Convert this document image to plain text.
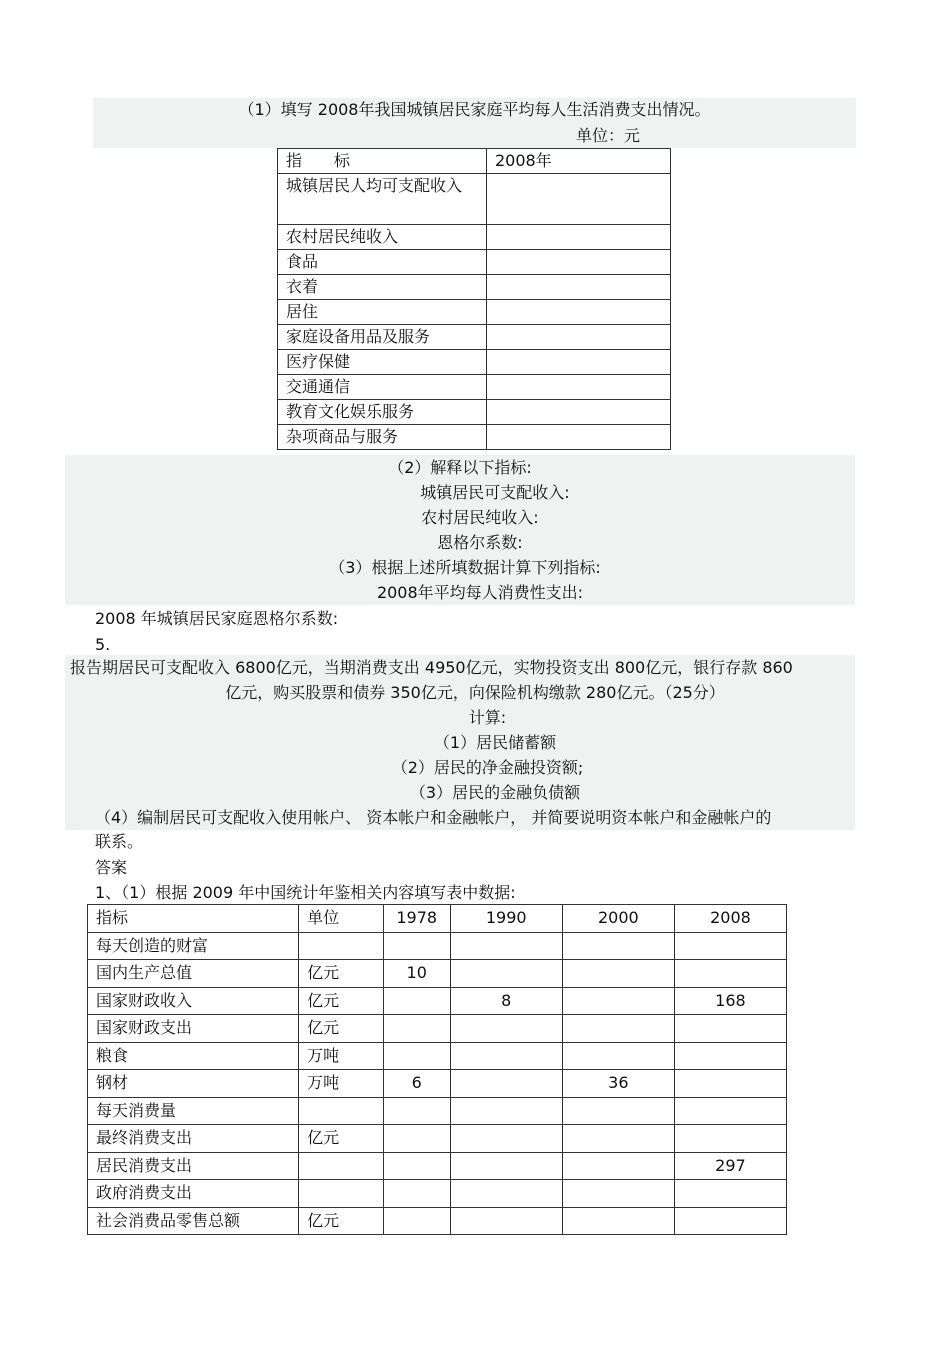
（1）填写 2008年我国城镇居民家庭平均每人生活消费支出情况。
单位：元
指　　标	2008年
城镇居民人均可支配收入	
农村居民纯收入	
食品	
衣着	
居住	
家庭设备用品及服务	
医疗保健	
交通通信	
教育文化娱乐服务	
杂项商品与服务	
（2）解释以下指标:
城镇居民可支配收入:
农村居民纯收入:
恩格尔系数:
（3）根据上述所填数据计算下列指标:
2008年平均每人消费性支出:
2008 年城镇居民家庭恩格尔系数:
5.
报告期居民可支配收入 6800亿元，当期消费支出 4950亿元，实物投资支出 800亿元，银行存款 860
亿元，购买股票和债券 350亿元，向保险机构缴款 280亿元。（25分）
计算:
（1）居民储蓄额
（2）居民的净金融投资额;
（3）居民的金融负债额
（4）编制居民可支配收入使用帐户、 资本帐户和金融帐户， 并简要说明资本帐户和金融帐户的
联系。
答案
1、（1）根据 2009 年中国统计年鉴相关内容填写表中数据:
指标	单位	1978	1990	2000	2008
每天创造的财富					
国内生产总值	亿元	10			
国家财政收入	亿元		8		168
国家财政支出	亿元				
粮食	万吨				
钢材	万吨	6		36	
每天消费量					
最终消费支出	亿元				
居民消费支出					297
政府消费支出					
社会消费品零售总额	亿元				
